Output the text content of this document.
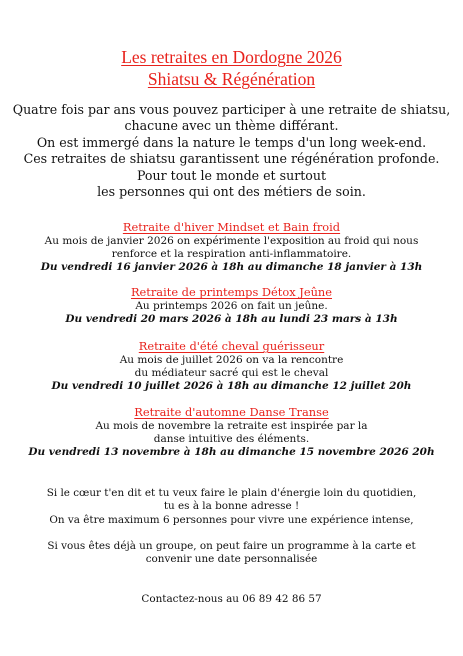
Les retraites en Dordogne 2026
Shiatsu & Régénération
Quatre fois par ans vous pouvez participer à une retraite de shiatsu,
chacune avec un thème différant.
On est immergé dans la nature le temps d'un long week-end.
Ces retraites de shiatsu garantissent une régénération profonde.
Pour tout le monde et surtout
les personnes qui ont des métiers de soin.
Retraite d'hiver Mindset et Bain froid
Au mois de janvier 2026 on expérimente l'exposition au froid qui nous
renforce et la respiration anti-inflammatoire.
Du vendredi 16 janvier 2026 à 18h au dimanche 18 janvier à 13h
Retraite de printemps Détox Jeûne
Au printemps 2026 on fait un jeûne.
Du vendredi 20 mars 2026 à 18h au lundi 23 mars à 13h
Retraite d'été cheval guérisseur
Au mois de juillet 2026 on va la rencontre
du médiateur sacré qui est le cheval
Du vendredi 10 juillet 2026 à 18h au dimanche 12 juillet 20h
Retraite d'automne Danse Transe
Au mois de novembre la retraite est inspirée par la
danse intuitive des éléments.
Du vendredi 13 novembre à 18h au dimanche 15 novembre 2026 20h
Si le cœur t'en dit et tu veux faire le plain d'énergie loin du quotidien,
tu es à la bonne adresse !
On va être maximum 6 personnes pour vivre une expérience intense,
Si vous êtes déjà un groupe, on peut faire un programme à la carte et
convenir une date personnalisée
Contactez-nous au 06 89 42 86 57
